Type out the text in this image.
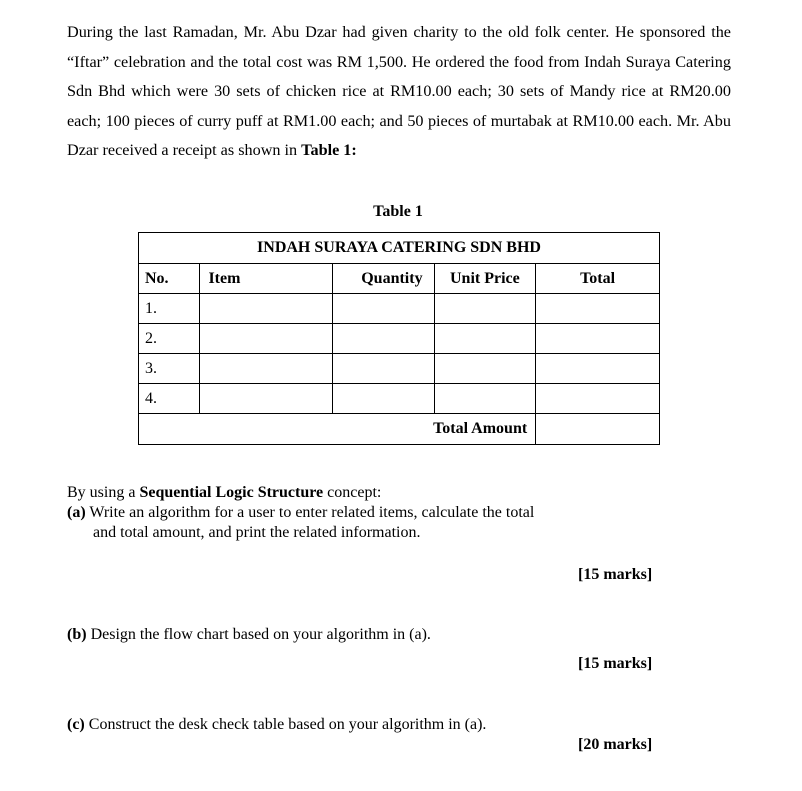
During the last Ramadan, Mr. Abu Dzar had given charity to the old folk center. He sponsored the “Iftar” celebration and the total cost was RM 1,500. He ordered the food from Indah Suraya Catering Sdn Bhd which were 30 sets of chicken rice at RM10.00 each; 30 sets of Mandy rice at RM20.00 each; 100 pieces of curry puff at RM1.00 each; and 50 pieces of murtabak at RM10.00 each. Mr. Abu Dzar received a receipt as shown in Table 1:

Table 1
INDAH SURAYA CATERING SDN BHD				
No.	Item	Quantity	Unit Price	Total
1.				
2.				
3.				
4.				
Total Amount				

By using a Sequential Logic Structure concept:

(a) Write an algorithm for a user to enter related items, calculate the total

and total amount, and print the related information.

[15 marks]
(b) Design the flow chart based on your algorithm in (a).
[15 marks]
(c) Construct the desk check table based on your algorithm in (a).
[20 marks]
